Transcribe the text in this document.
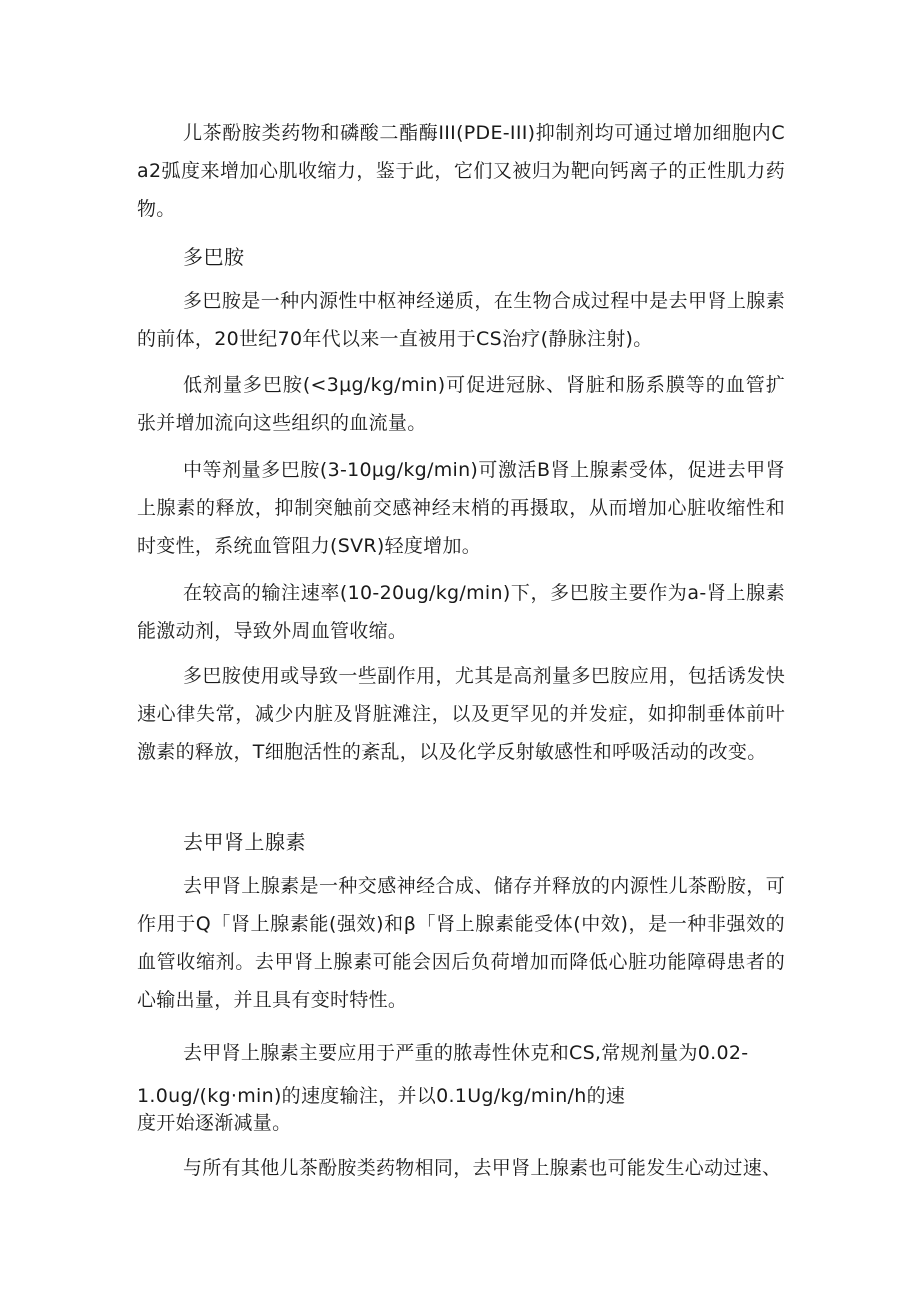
儿茶酚胺类药物和磷酸二酯酶III(PDE-III)抑制剂均可通过增加细胞内Ca2弧度来增加心肌收缩力，鉴于此，它们又被归为靶向钙离子的正性肌力药物。

多巴胺

多巴胺是一种内源性中枢神经递质，在生物合成过程中是去甲肾上腺素的前体，20世纪70年代以来一直被用于CS治疗(静脉注射)。

低剂量多巴胺(<3μg/kg/min)可促进冠脉、肾脏和肠系膜等的血管扩张并增加流向这些组织的血流量。

中等剂量多巴胺(3-10μg/kg/min)可激活B肾上腺素受体，促进去甲肾上腺素的释放，抑制突触前交感神经末梢的再摄取，从而增加心脏收缩性和时变性，系统血管阻力(SVR)轻度增加。

在较高的输注速率(10-20ug/kg/min)下，多巴胺主要作为a-肾上腺素能激动剂，导致外周血管收缩。

多巴胺使用或导致一些副作用，尤其是高剂量多巴胺应用，包括诱发快速心律失常，减少内脏及肾脏滩注，以及更罕见的并发症，如抑制垂体前叶激素的释放，T细胞活性的紊乱，以及化学反射敏感性和呼吸活动的改变。

去甲肾上腺素

去甲肾上腺素是一种交感神经合成、储存并释放的内源性儿茶酚胺，可作用于Q「肾上腺素能(强效)和β「肾上腺素能受体(中效)，是一种非强效的血管收缩剂。去甲肾上腺素可能会因后负荷增加而降低心脏功能障碍患者的心输出量，并且具有变时特性。

去甲肾上腺素主要应用于严重的脓毒性休克和CS,常规剂量为0.02-
1.0ug/(kg·min)的速度输注，并以0.1Ug/kg/min/h的速
度开始逐渐减量。

与所有其他儿茶酚胺类药物相同，去甲肾上腺素也可能发生心动过速、
